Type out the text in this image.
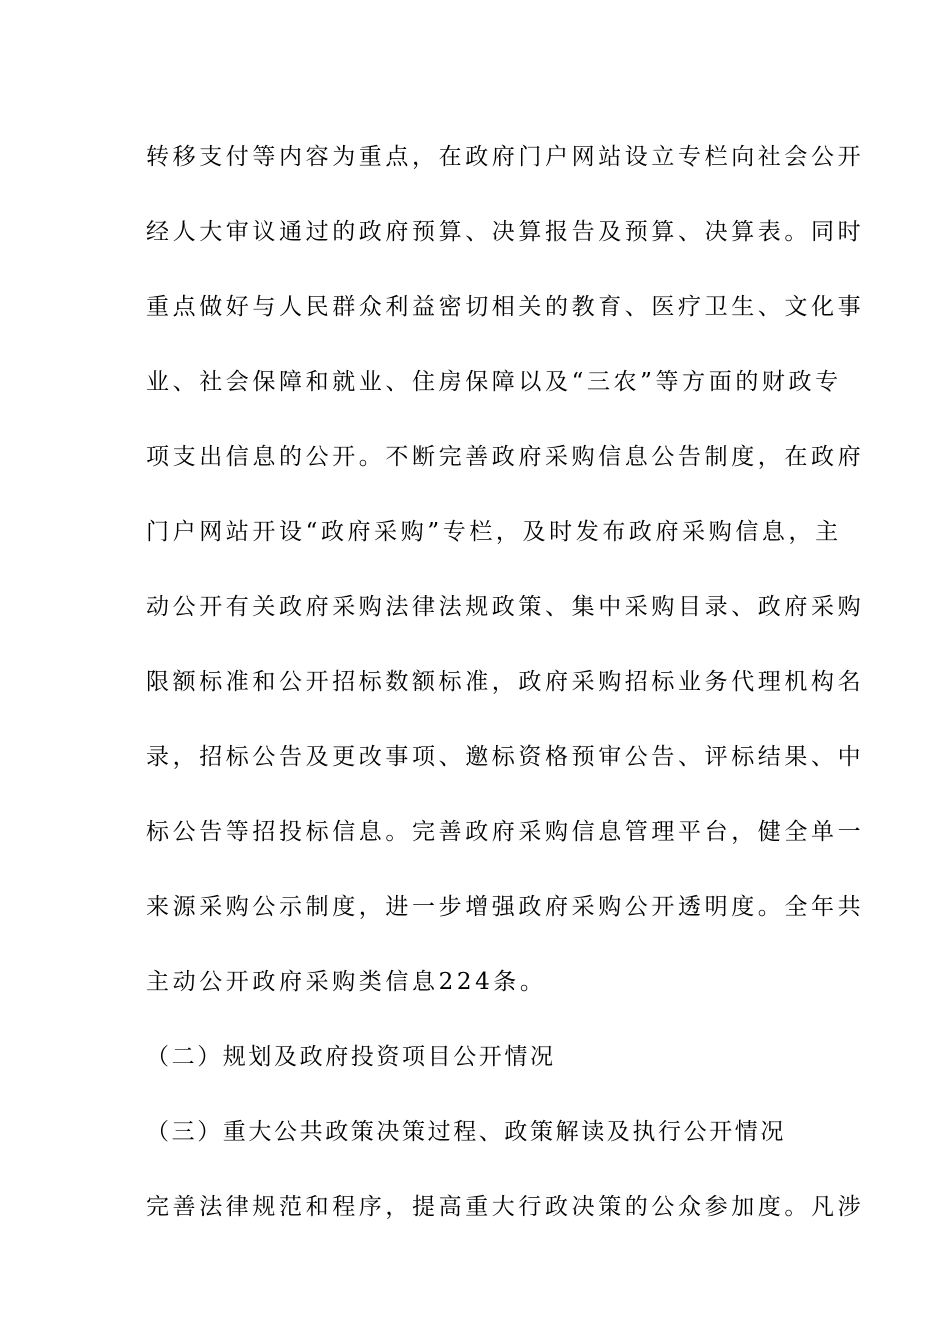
转移支付等内容为重点，在政府门户网站设立专栏向社会公开
经人大审议通过的政府预算、决算报告及预算、决算表。同时
重点做好与人民群众利益密切相关的教育、医疗卫生、文化事
业、社会保障和就业、住房保障以及“三农”等方面的财政专
项支出信息的公开。不断完善政府采购信息公告制度，在政府
门户网站开设“政府采购”专栏，及时发布政府采购信息，主
动公开有关政府采购法律法规政策、集中采购目录、政府采购
限额标准和公开招标数额标准，政府采购招标业务代理机构名
录，招标公告及更改事项、邀标资格预审公告、评标结果、中
标公告等招投标信息。完善政府采购信息管理平台，健全单一
来源采购公示制度，进一步增强政府采购公开透明度。全年共
主动公开政府采购类信息224条。
（二）规划及政府投资项目公开情况
（三）重大公共政策决策过程、政策解读及执行公开情况
完善法律规范和程序，提高重大行政决策的公众参加度。凡涉
